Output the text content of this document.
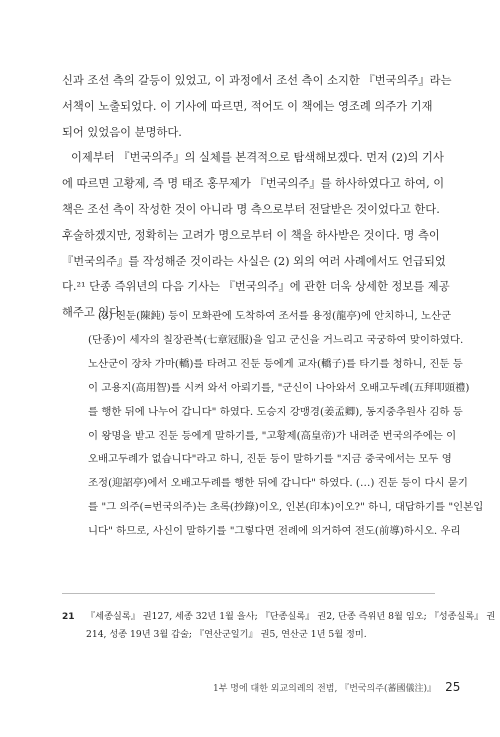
신과 조선 측의 갈등이 있었고, 이 과정에서 조선 측이 소지한 『번국의주』라는

서책이 노출되었다. 이 기사에 따르면, 적어도 이 책에는 영조례 의주가 기재

되어 있었음이 분명하다.

이제부터 『번국의주』의 실체를 본격적으로 탐색해보겠다. 먼저 (2)의 기사

에 따르면 고황제, 즉 명 태조 홍무제가 『번국의주』를 하사하였다고 하여, 이

책은 조선 측이 작성한 것이 아니라 명 측으로부터 전달받은 것이었다고 한다.

후술하겠지만, 정확히는 고려가 명으로부터 이 책을 하사받은 것이다. 명 측이

『번국의주』를 작성해준 것이라는 사실은 (2) 외의 여러 사례에서도 언급되었

다.²¹ 단종 즉위년의 다음 기사는 『번국의주』에 관한 더욱 상세한 정보를 제공

해주고 있다.

(3) 진둔(陳鈍) 등이 모화관에 도착하여 조서를 용정(龍亭)에 안치하니, 노산군

(단종)이 세자의 칠장관복(七章冠服)을 입고 군신을 거느리고 국궁하여 맞이하였다.

노산군이 장차 가마(轎)를 타려고 진둔 등에게 교자(轎子)를 타기를 청하니, 진둔 등

이 고용지(高用智)를 시켜 와서 아뢰기를, "군신이 나아와서 오배고두례(五拜叩頭禮)

를 행한 뒤에 나누어 갑니다" 하였다. 도승지 강맹경(姜孟卿), 동지중추원사 김하 등

이 왕명을 받고 진둔 등에게 말하기를, "고황제(高皇帝)가 내려준 번국의주에는 이

오배고두례가 없습니다"라고 하니, 진둔 등이 말하기를 "지금 중국에서는 모두 영

조정(迎詔亭)에서 오배고두례를 행한 뒤에 갑니다" 하였다. (…) 진둔 등이 다시 묻기

를 "그 의주(=번국의주)는 초록(抄錄)이오, 인본(印本)이오?" 하니, 대답하기를 "인본입

니다" 하므로, 사신이 말하기를 "그렇다면 전례에 의거하여 전도(前導)하시오. 우리

21 『세종실록』 권127, 세종 32년 1월 을사; 『단종실록』 권2, 단종 즉위년 8월 임오; 『성종실록』 권

214, 성종 19년 3월 갑술; 『연산군일기』 권5, 연산군 1년 5월 정미.

1부 명에 대한 외교의례의 전범, 『번국의주(蕃國儀注)』 25
